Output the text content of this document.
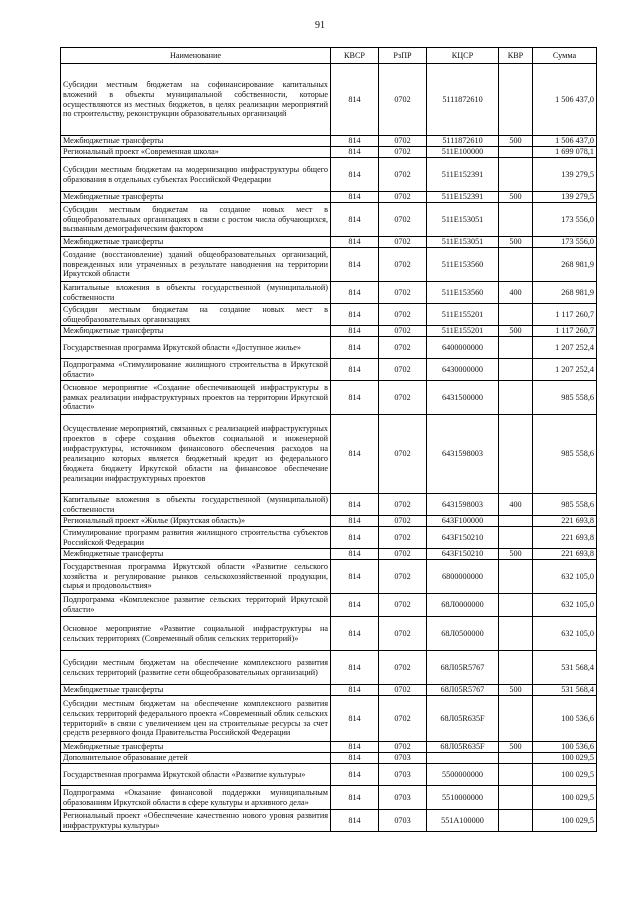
91
Наименование	КВСР	РзПР	КЦСР	КВР	Сумма
Субсидии местным бюджетам на софинансирование капитальных вложений в объекты муниципальной собственности, которые осуществляются из местных бюджетов, в целях реализации мероприятий по строительству, реконструкции образовательных организаций	814	0702	5111872610		1 506 437,0
Межбюджетные трансферты	814	0702	5111872610	500	1 506 437,0
Региональный проект «Современная школа»	814	0702	511E100000		1 699 078,1
Субсидии местным бюджетам на модернизацию инфраструктуры общего образования в отдельных субъектах Российской Федерации	814	0702	511E152391		139 279,5
Межбюджетные трансферты	814	0702	511E152391	500	139 279,5
Субсидии местным бюджетам на создание новых мест в общеобразовательных организациях в связи с ростом числа обучающихся, вызванным демографическим фактором	814	0702	511E153051		173 556,0
Межбюджетные трансферты	814	0702	511E153051	500	173 556,0
Создание (восстановление) зданий общеобразовательных организаций, поврежденных или утраченных в результате наводнения на территории Иркутской области	814	0702	511E153560		268 981,9
Капитальные вложения в объекты государственной (муниципальной) собственности	814	0702	511E153560	400	268 981,9
Субсидии местным бюджетам на создание новых мест в общеобразовательных организациях	814	0702	511E155201		1 117 260,7
Межбюджетные трансферты	814	0702	511E155201	500	1 117 260,7
Государственная программа Иркутской области «Доступное жилье»	814	0702	6400000000		1 207 252,4
Подпрограмма «Стимулирование жилищного строительства в Иркутской области»	814	0702	6430000000		1 207 252,4
Основное мероприятие «Создание обеспечивающей инфраструктуры в рамках реализации инфраструктурных проектов на территории Иркутской области»	814	0702	6431500000		985 558,6
Осуществление мероприятий, связанных с реализацией инфраструктурных проектов в сфере создания объектов социальной и инженерной инфраструктуры, источником финансового обеспечения расходов на реализацию которых является бюджетный кредит из федерального бюджета бюджету Иркутской области на финансовое обеспечение реализации инфраструктурных проектов	814	0702	6431598003		985 558,6
Капитальные вложения в объекты государственной (муниципальной) собственности	814	0702	6431598003	400	985 558,6
Региональный проект «Жилье (Иркутская область)»	814	0702	643F100000		221 693,8
Стимулирование программ развития жилищного строительства субъектов Российской Федерации	814	0702	643F150210		221 693,8
Межбюджетные трансферты	814	0702	643F150210	500	221 693,8
Государственная программа Иркутской области «Развитие сельского хозяйства и регулирование рынков сельскохозяйственной продукции, сырья и продовольствия»	814	0702	6800000000		632 105,0
Подпрограмма «Комплексное развитие сельских территорий Иркутской области»	814	0702	68Л0000000		632 105,0
Основное мероприятие «Развитие социальной инфраструктуры на сельских территориях (Современный облик сельских территорий)»	814	0702	68Л0500000		632 105,0
Субсидии местным бюджетам на обеспечение комплексного развития сельских территорий (развитие сети общеобразовательных организаций)	814	0702	68Л05R5767		531 568,4
Межбюджетные трансферты	814	0702	68Л05R5767	500	531 568,4
Субсидии местным бюджетам на обеспечение комплексного развития сельских территорий федерального проекта «Современный облик сельских территорий» в связи с увеличением цен на строительные ресурсы за счет средств резервного фонда Правительства Российской Федерации	814	0702	68Л05R635F		100 536,6
Межбюджетные трансферты	814	0702	68Л05R635F	500	100 536,6
Дополнительное образование детей	814	0703			100 029,5
Государственная программа Иркутской области «Развитие культуры»	814	0703	5500000000		100 029,5
Подпрограмма «Оказание финансовой поддержки муниципальным образованиям Иркутской области в сфере культуры и архивного дела»	814	0703	5510000000		100 029,5
Региональный проект «Обеспечение качественно нового уровня развития инфраструктуры культуры»	814	0703	551A100000		100 029,5
